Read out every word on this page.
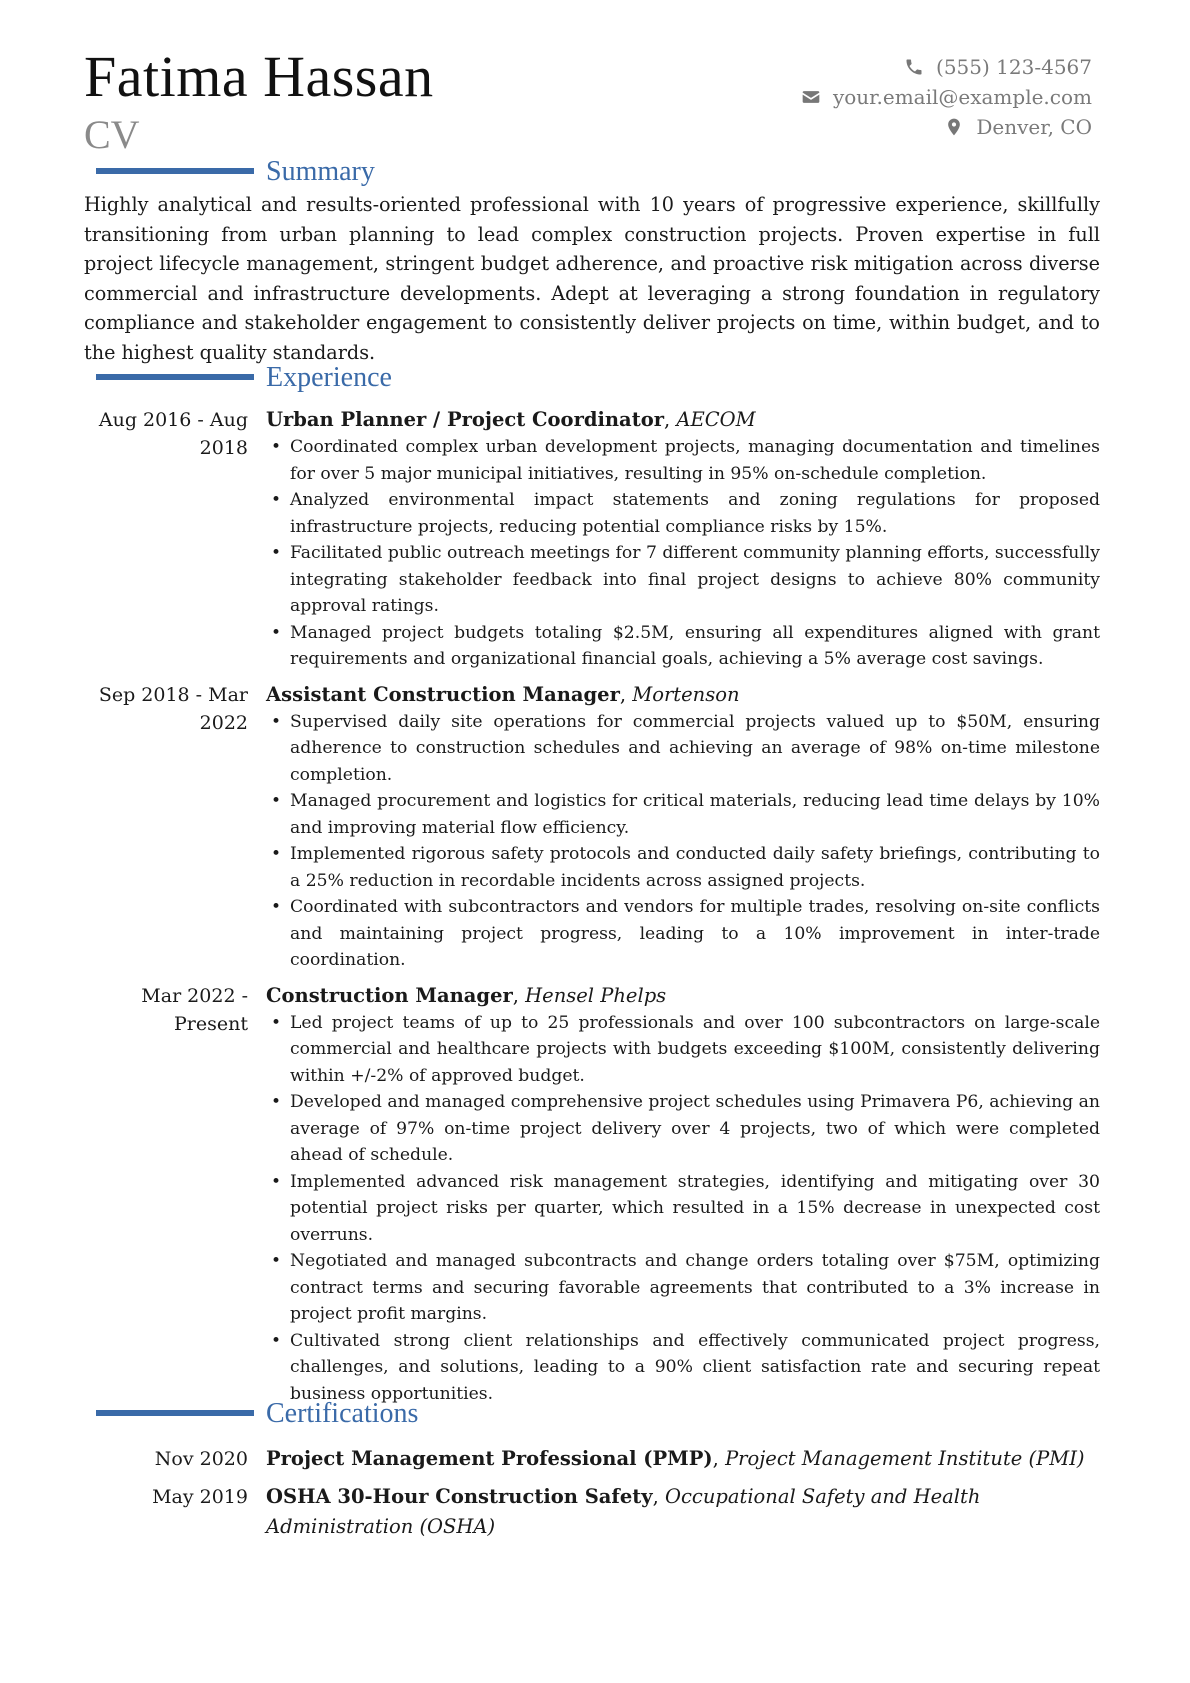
Fatima Hassan
CV
(555) 123-4567
your.email@example.com
Denver, CO
Summary

Highly analytical and results-oriented professional with 10 years of progressive experience, skillfully transitioning from urban planning to lead complex construction projects. Proven expertise in full project lifecycle management, stringent budget adherence, and proactive risk mitigation across diverse commercial and infrastructure developments. Adept at leveraging a strong foundation in regulatory compliance and stakeholder engagement to consistently deliver projects on time, within budget, and to the highest quality standards.

Experience
Aug 2016 - Aug 2018
Urban Planner / Project Coordinator, AECOM
• Coordinated complex urban development projects, managing documentation and timelines for over 5 major municipal initiatives, resulting in 95% on-schedule completion.
• Analyzed environmental impact statements and zoning regulations for proposed infrastructure projects, reducing potential compliance risks by 15%.
• Facilitated public outreach meetings for 7 different community planning efforts, successfully integrating stakeholder feedback into final project designs to achieve 80% community approval ratings.
• Managed project budgets totaling $2.5M, ensuring all expenditures aligned with grant requirements and organizational financial goals, achieving a 5% average cost savings.
Sep 2018 - Mar 2022
Assistant Construction Manager, Mortenson
• Supervised daily site operations for commercial projects valued up to $50M, ensuring adherence to construction schedules and achieving an average of 98% on-time milestone completion.
• Managed procurement and logistics for critical materials, reducing lead time delays by 10% and improving material flow efficiency.
• Implemented rigorous safety protocols and conducted daily safety briefings, contributing to a 25% reduction in recordable incidents across assigned projects.
• Coordinated with subcontractors and vendors for multiple trades, resolving on-site conflicts and maintaining project progress, leading to a 10% improvement in inter-trade coordination.
Mar 2022 - Present
Construction Manager, Hensel Phelps
• Led project teams of up to 25 professionals and over 100 subcontractors on large-scale commercial and healthcare projects with budgets exceeding $100M, consistently delivering within +/-2% of approved budget.
• Developed and managed comprehensive project schedules using Primavera P6, achieving an average of 97% on-time project delivery over 4 projects, two of which were completed ahead of schedule.
• Implemented advanced risk management strategies, identifying and mitigating over 30 potential project risks per quarter, which resulted in a 15% decrease in unexpected cost overruns.
• Negotiated and managed subcontracts and change orders totaling over $75M, optimizing contract terms and securing favorable agreements that contributed to a 3% increase in project profit margins.
• Cultivated strong client relationships and effectively communicated project progress, challenges, and solutions, leading to a 90% client satisfaction rate and securing repeat business opportunities.
Certifications
Nov 2020 Project Management Professional (PMP), Project Management Institute (PMI)
May 2019 OSHA 30-Hour Construction Safety, Occupational Safety and Health Administration (OSHA)
